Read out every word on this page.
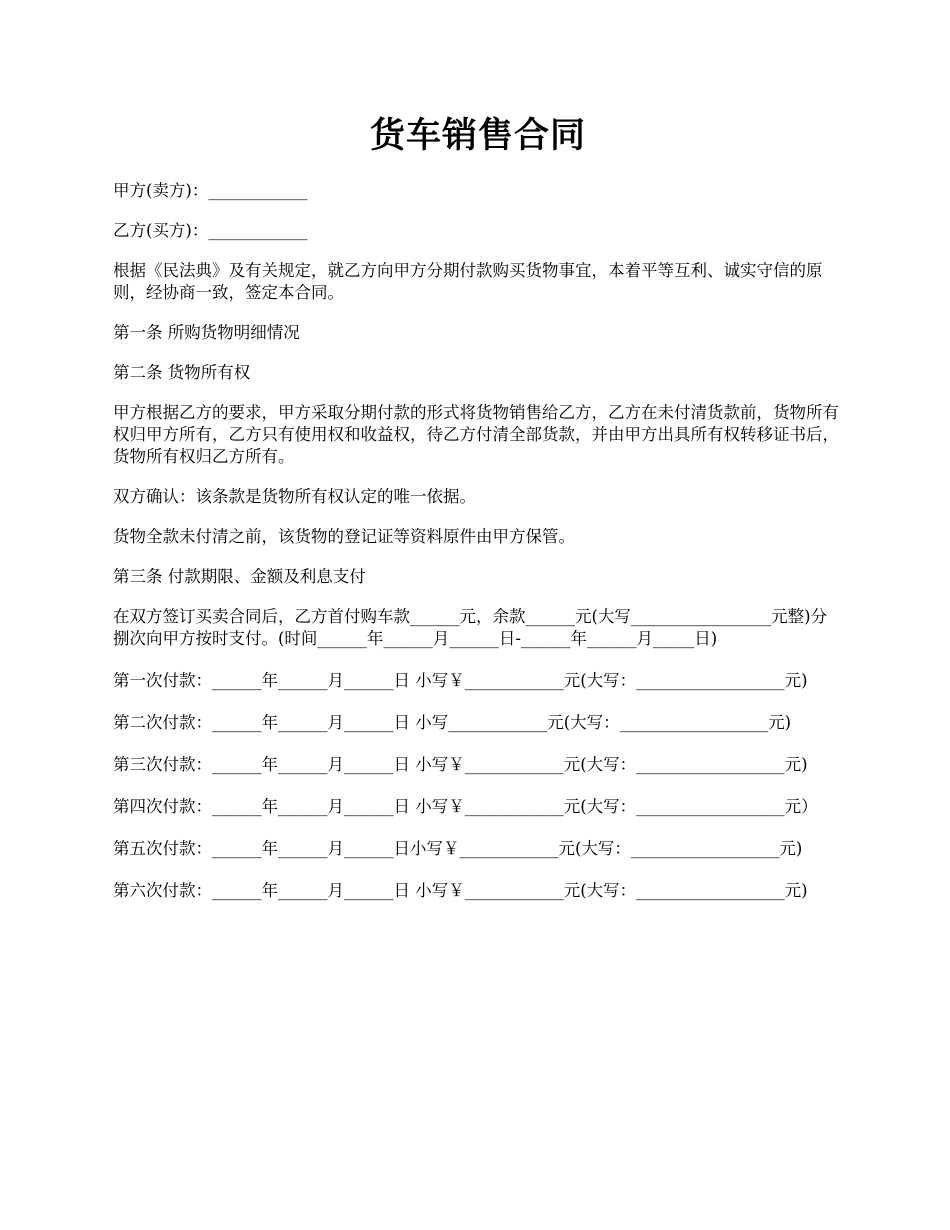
货车销售合同

甲方(卖方)：____________

乙方(买方)：____________

根据《民法典》及有关规定，就乙方向甲方分期付款购买货物事宜，本着平等互利、诚实守信的原则，经协商一致，签定本合同。

第一条 所购货物明细情况

第二条 货物所有权

甲方根据乙方的要求，甲方采取分期付款的形式将货物销售给乙方，乙方在未付清货款前，货物所有权归甲方所有，乙方只有使用权和收益权，待乙方付清全部货款，并由甲方出具所有权转移证书后，货物所有权归乙方所有。

双方确认：该条款是货物所有权认定的唯一依据。

货物全款未付清之前，该货物的登记证等资料原件由甲方保管。

第三条 付款期限、金额及利息支付

在双方签订买卖合同后，乙方首付购车款______元，余款______元(大写_________________元整)分捌次向甲方按时支付。(时间______年______月______日-______年______月_____日)

第一次付款：______年______月______日 小写￥____________元(大写：__________________元)

第二次付款：______年______月______日 小写____________元(大写：__________________元)

第三次付款：______年______月______日 小写￥____________元(大写：__________________元)

第四次付款：______年______月______日 小写￥____________元(大写：__________________元）

第五次付款：______年______月______日小写￥____________元(大写：__________________元)

第六次付款：______年______月______日 小写￥____________元(大写：__________________元)
